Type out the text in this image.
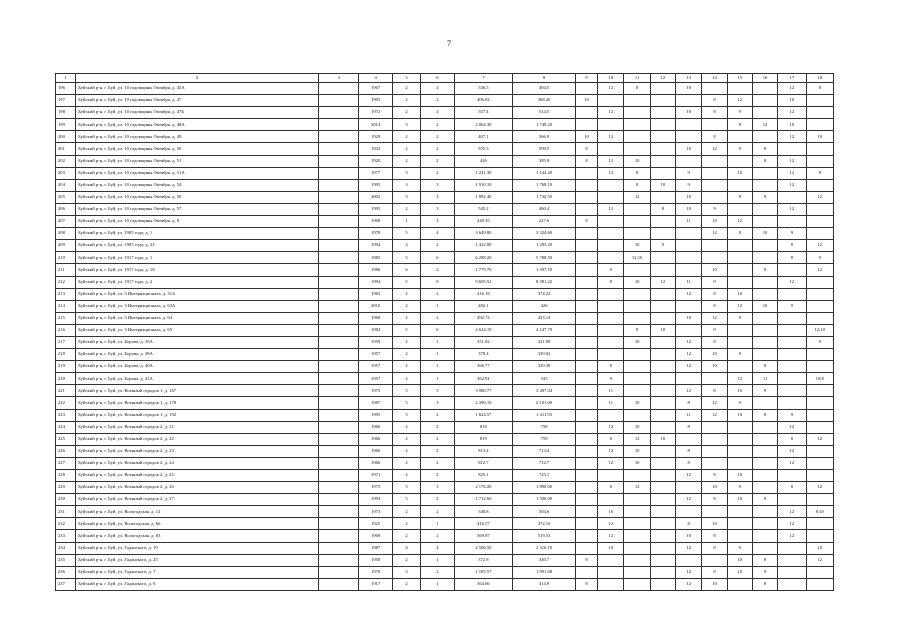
7
1	2	3	4	5	6	7	8	9	10	11	12	13	14	15	16	17	18
196	Буйский р-н, г. Буй, ул. 10 годовщины Октября, д. 45А		1967	2	2	536.5	494.5		12	8		10				12	8
197	Буйский р-н, г. Буй, ул. 10 годовщины Октября, д. 47		1905	2	2	406.82	368.26	10					8	12		10	
198	Буйский р-н, г. Буй, ул. 10 годовщины Октября, д. 47Б		1972	2	2	557.4	514.5		12			10	8	9		12	
199	Буйский р-н, г. Буй, ул. 10 годовщины Октября, д. 48А		2014	3	2	2 064.30	1 749.20							8	12	10	
200	Буйский р-н, г. Буй, ул. 10 годовщины Октября, д. 49		1929	2	2	407.1	366.9	10	12				8			12	10
201	Буйский р-н, г. Буй, ул. 10 годовщины Октября, д. 50		1932	2	2	555.5	509.5	8				10	12	9	8		
202	Буйский р-н, г. Буй, ул. 10 годовщины Октября, д. 51		1920	2	2	426	385.8	8	12	10					8	12	
203	Буйский р-н, г. Буй, ул. 10 годовщины Октября, д. 51А		1977	3	2	1 241.30	1 144.20		12	8		9		10		12	8
204	Буйский р-н, г. Буй, ул. 10 годовщины Октября, д. 54		1995	3	3	1 910.10	1 768.10			8	10	9				12	
205	Буйский р-н, г. Буй, ул. 10 годовщины Октября, д. 56		2002	3	3	1 882.40	1 732.50			12		10		8	9		12
206	Буйский р-н, г. Буй, ул. 10 годовщины Октября, д. 57		1995	2	3	545.2	460.4		12		8	10	9			12	
207	Буйский р-н, г. Буй, ул. 10 годовщины Октября, д. 8		1900	1	3	249.35	227.6	8				11	10	12			
208	Буйский р-н, г. Буй, ул. 1905 года, д. 1		1978	5	4	3 649.80	3 324.60						12	8	10	9	
209	Буйский р-н, г. Буй, ул. 1905 года, д. 23		1994	4	2	1 422.80	1 293.20			10	9					8	12
210	Буйский р-н, г. Буй, ул. 1917 года, д. 1		1985	5	6	6 288.20	5 788.50			12;10						8	9
211	Буйский р-н, г. Буй, ул. 1917 года, д. 1Б		1986	6	2	1 779.70	1 597.10		9				10		8		12
212	Буйский р-н, г. Буй, ул. 1917 года, д. 2		1994	5	8	9 605.52	8 381.22		8	10	12	11	9			12	
213	Буйский р-н, г. Буй, ул. 3 Интернационала, д. 31А		1965	2	2	416.18	374.22					12	8	10			
214	Буйский р-н, г. Буй, ул. 3 Интернационала, д. 63А		2010	2	1	482.1	426						8	12	10	9	
215	Буйский р-н, г. Буй, ул. 3 Интернационала, д. 64		1968	2	2	492.74	433.14					10	12	8			
216	Буйский р-н, г. Буй, ул. 3 Интернационала, д. 65		1984	5	6	4 624.19	4 147.79			8	10		9				12;10
217	Буйский р-н, г. Буй, ул. Борова, д. 33А		1959	2	1	351.82	321.08			10		12	8				9
218	Буйский р-н, г. Буй, ул. Борова, д. 38А		1957	2	1	378.4	339.02					12	10	8			
219	Буйский р-н, г. Буй, ул. Борова, д. 40А		1957	2	1	366.77	329.38		8			12	10		8		
220	Буйский р-н, г. Буй, ул. Борова, д. 41А		1957	2	1	362.81	335		9					12	11		10;8
221	Буйский р-н, г. Буй, ул. Военный городок 1, д. 167		1975	5	5	3 980.77	3 497.04		11			12	8	10	9		
222	Буйский р-н, г. Буй, ул. Военный городок 1, д. 178		1987	5	3	2 390.10	2 101.00		11	10		8	12	9			
223	Буйский р-н, г. Буй, ул. Военный городок 1, д. 192		1995	5	2	1 624.57	1 411.93					11	12	10	8	9	
224	Буйский р-н, г. Буй, ул. Военный городок 2, д. 21		1966	2	2	818	758		12	10		8				12	
225	Буйский р-н, г. Буй, ул. Военный городок 2, д. 22		1966	2	2	819	759		8	12	10					8	12
226	Буйский р-н, г. Буй, ул. Военный городок 2, д. 23		1966	2	2	813.4	713.4		12	10		8				12	
227	Буйский р-н, г. Буй, ул. Военный городок 2, д. 24		1966	2	2	812.7	712.7		12	10		8				12	
228	Буйский р-н, г. Буй, ул. Военный городок 2, д. 25		1971	2	2	825.1	725.1					12	8	10			
229	Буйский р-н, г. Буй, ул. Военный городок 2, д. 26		1975	5	3	2 176.20	1 890.00		8	12			10	9		8	12
230	Буйский р-н, г. Буй, ул. Военный городок 2, д. 27		1993	5	2	1 712.60	1 500.00					12	8	10	9		
231	Буйский р-н, г. Буй, ул. Вологодская, д. 12		1973	2	2	548.8	504.6		10							12	8;10
232	Буйский р-н, г. Буй, ул. Вологодская, д. 66		1925	2	1	416.57	372.16		12			8	10			12	
233	Буйский р-н, г. Буй, ул. Вологодская, д. 83		1969	2	2	569.87	519.53		12			10	8			12	
234	Буйский р-н, г. Буй, ул. Гаданского, д. 19		1987	4	4	2 506.50	2 316.10		10			12	8	9			10
235	Буйский р-н, г. Буй, ул. Гаданского, д. 25		1950	2	1	372.8	340.7	8						10	8		12
236	Буйский р-н, г. Буй, ул. Гаданского, д. 7		1976	3	2	1 185.57	1 091.68					12	8	10	9		
237	Буйский р-н, г. Буй, ул. Гаданского, д. 8		1917	2	1	364.66	314.9	8				12	10		8		
